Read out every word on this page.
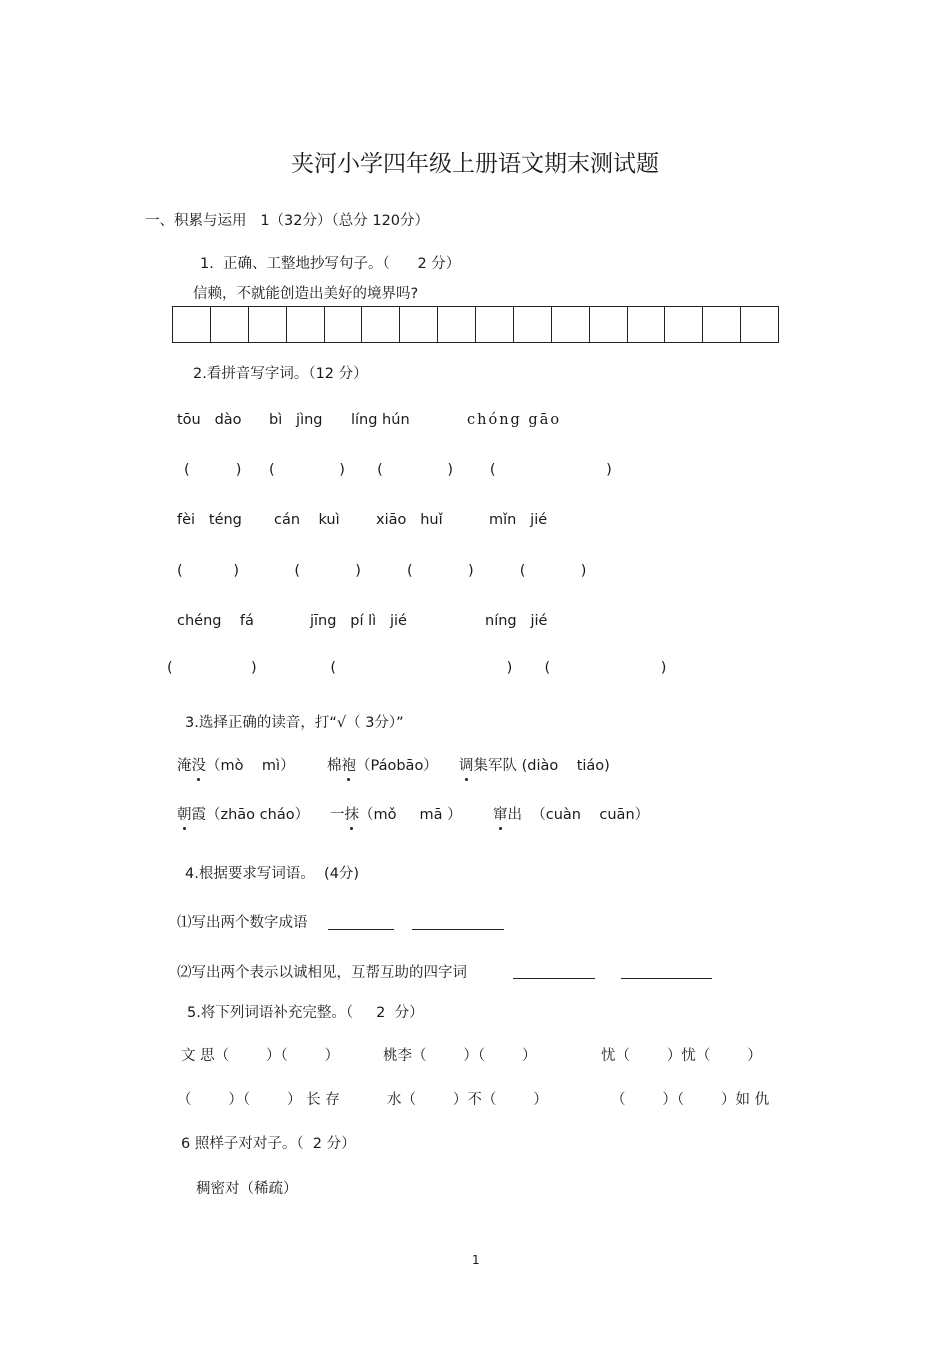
夹河小学四年级上册语文期末测试题
一、积累与运用   1（32分）（总分 120分）
1.  正确、工整地抄写句子。（      2 分）
信赖，不就能创造出美好的境界吗?
2.看拼音写字词。（12 分）
tōu   dào bì   jìng líng hún	chóng gāo
(          )      (              )       (              )        (                        )
fèi   téng cán    kuì	xiāo   huǐ	mǐn   jié
(           )            (            )          (            )          (            )
chéng    fá	jīng   pí lì   jié	níng   jié
(                 )                (                                     )       (                        )
3.选择正确的读音，打“√（ 3分）”
淹没（mò    mì） 棉袍（Páobāo） 调集军队 (diào    tiáo)
朝霞（zhāo cháo） 一抹（mǒ     mā ） 窜出  （cuàn    cuān）
4.根据要求写词语。  (4分)
⑴写出两个数字成语
⑵写出两个表示以诚相见，互帮互助的四字词
5.将下列词语补充完整。（     2  分）
文 思（        ）（        ）	桃李（        ）（        ）	忧（        ）忧（        ）
（        ）（        ） 长 存	水（        ）不（        ）	（        ）（        ）如 仇
6 照样子对对子。（  2 分）
稠密对（稀疏）
1
